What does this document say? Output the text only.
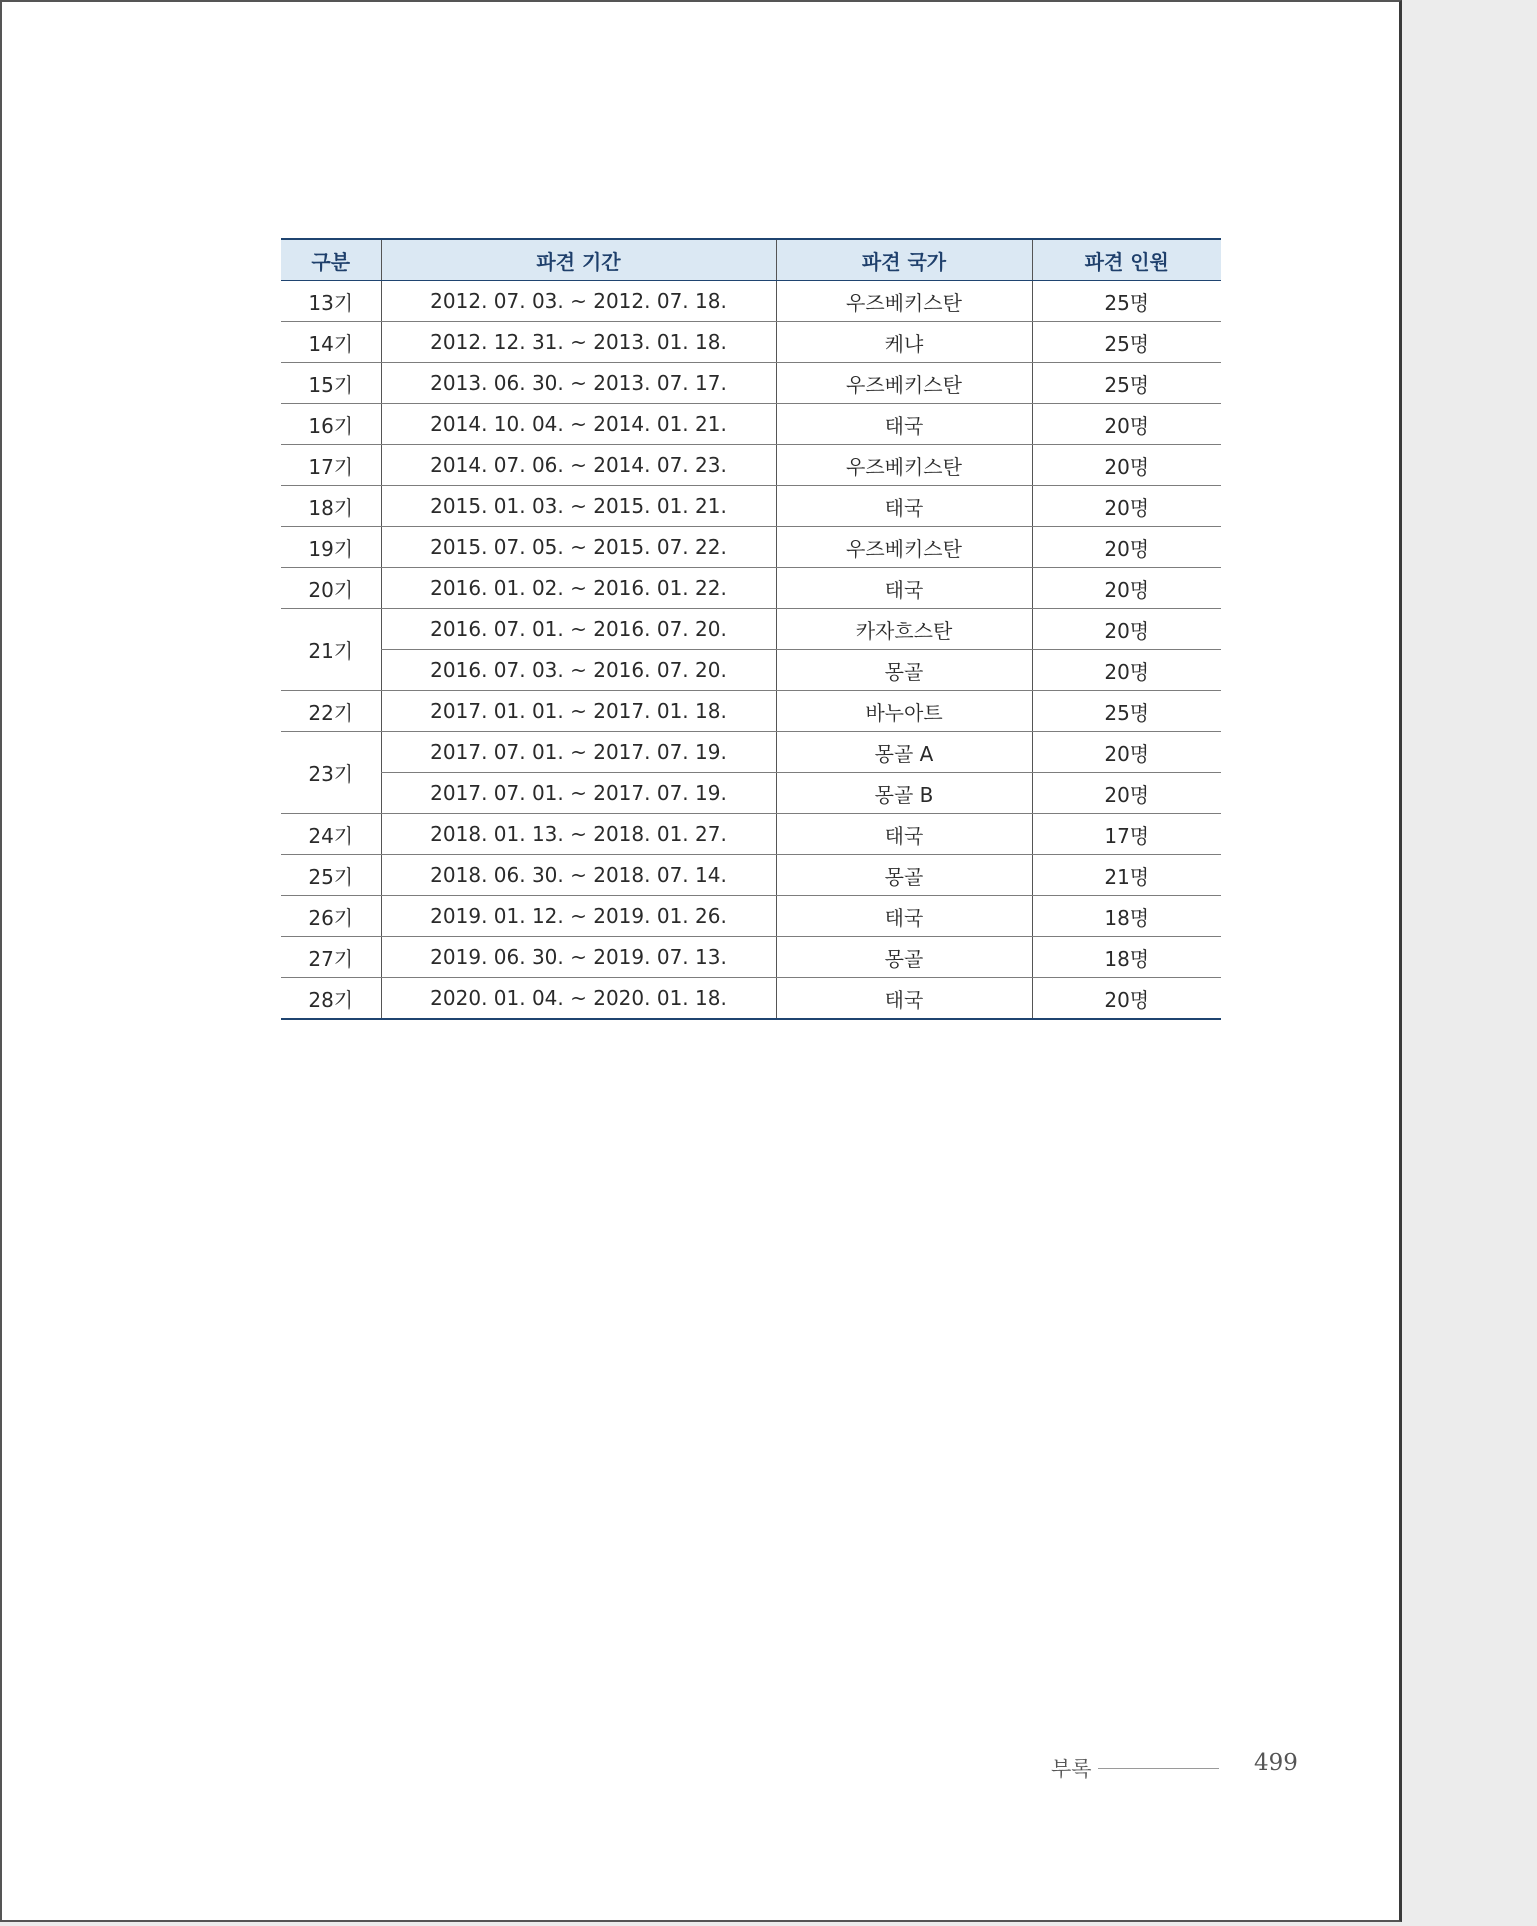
구분	파견 기간	파견 국가	파견 인원
13기	2012. 07. 03. ~ 2012. 07. 18.	우즈베키스탄	25명
14기	2012. 12. 31. ~ 2013. 01. 18.	케냐	25명
15기	2013. 06. 30. ~ 2013. 07. 17.	우즈베키스탄	25명
16기	2014. 10. 04. ~ 2014. 01. 21.	태국	20명
17기	2014. 07. 06. ~ 2014. 07. 23.	우즈베키스탄	20명
18기	2015. 01. 03. ~ 2015. 01. 21.	태국	20명
19기	2015. 07. 05. ~ 2015. 07. 22.	우즈베키스탄	20명
20기	2016. 01. 02. ~ 2016. 01. 22.	태국	20명
21기	2016. 07. 01. ~ 2016. 07. 20.	카자흐스탄	20명
	2016. 07. 03. ~ 2016. 07. 20.	몽골	20명
22기	2017. 01. 01. ~ 2017. 01. 18.	바누아트	25명
23기	2017. 07. 01. ~ 2017. 07. 19.	몽골 A	20명
	2017. 07. 01. ~ 2017. 07. 19.	몽골 B	20명
24기	2018. 01. 13. ~ 2018. 01. 27.	태국	17명
25기	2018. 06. 30. ~ 2018. 07. 14.	몽골	21명
26기	2019. 01. 12. ~ 2019. 01. 26.	태국	18명
27기	2019. 06. 30. ~ 2019. 07. 13.	몽골	18명
28기	2020. 01. 04. ~ 2020. 01. 18.	태국	20명
부록	499
